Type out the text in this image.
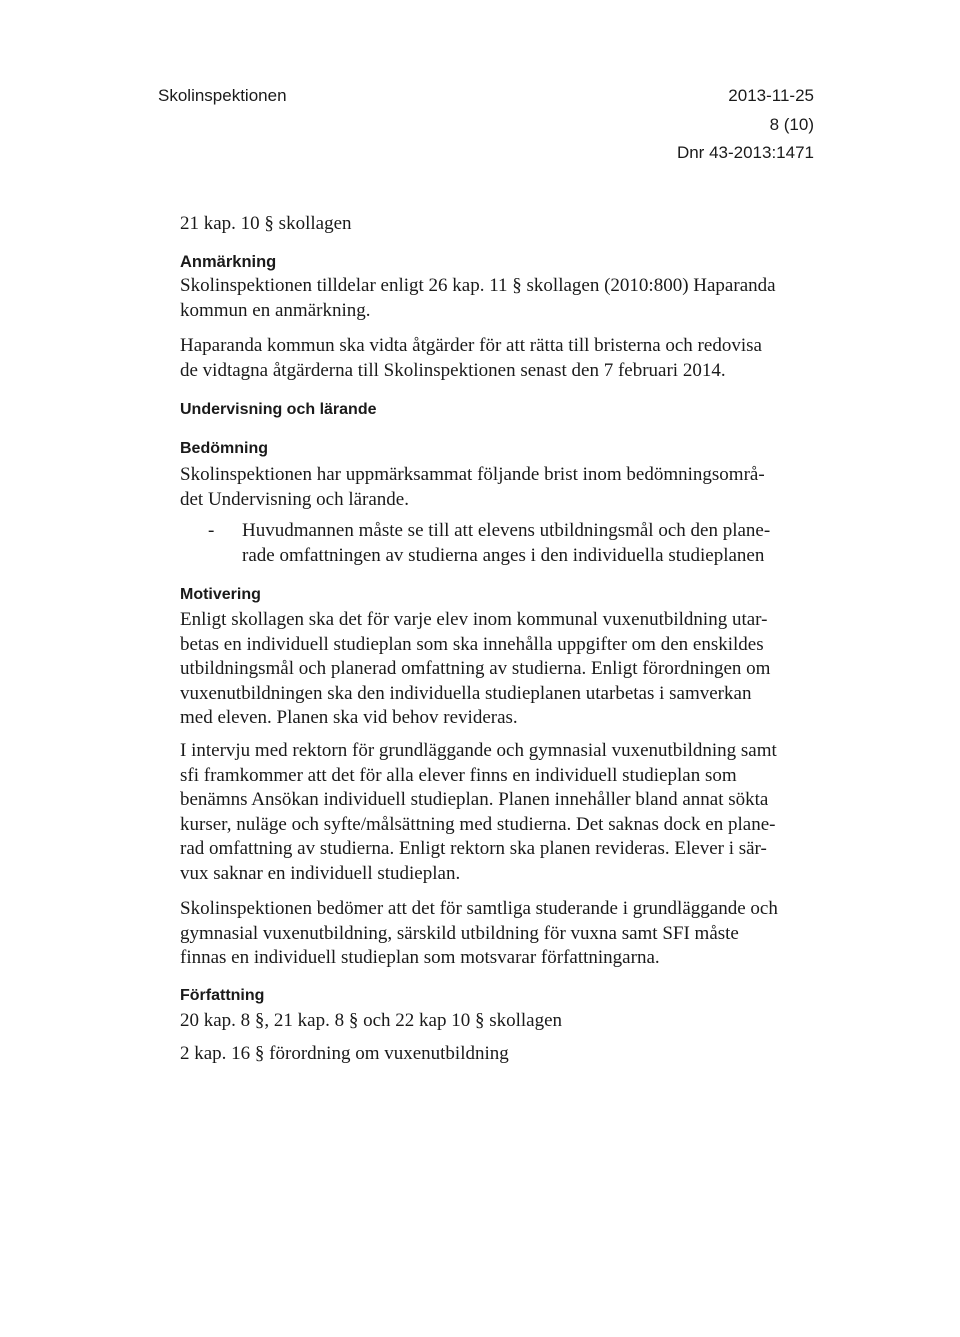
Skolinspektionen	2013-11-25
8 (10)
Dnr 43-2013:1471
21 kap. 10 § skollagen
Anmärkning
Skolinspektionen tilldelar enligt 26 kap. 11 § skollagen (2010:800) Haparanda
kommun en anmärkning.
Haparanda kommun ska vidta åtgärder för att rätta till bristerna och redovisa
de vidtagna åtgärderna till Skolinspektionen senast den 7 februari 2014.
Undervisning och lärande
Bedömning
Skolinspektionen har uppmärksammat följande brist inom bedömningsområ-
det Undervisning och lärande.
- Huvudmannen måste se till att elevens utbildningsmål och den plane-
rade omfattningen av studierna anges i den individuella studieplanen
Motivering
Enligt skollagen ska det för varje elev inom kommunal vuxenutbildning utar-
betas en individuell studieplan som ska innehålla uppgifter om den enskildes
utbildningsmål och planerad omfattning av studierna. Enligt förordningen om
vuxenutbildningen ska den individuella studieplanen utarbetas i samverkan
med eleven. Planen ska vid behov revideras.
I intervju med rektorn för grundläggande och gymnasial vuxenutbildning samt
sfi framkommer att det för alla elever finns en individuell studieplan som
benämns Ansökan individuell studieplan. Planen innehåller bland annat sökta
kurser, nuläge och syfte/målsättning med studierna. Det saknas dock en plane-
rad omfattning av studierna. Enligt rektorn ska planen revideras. Elever i sär-
vux saknar en individuell studieplan.
Skolinspektionen bedömer att det för samtliga studerande i grundläggande och
gymnasial vuxenutbildning, särskild utbildning för vuxna samt SFI måste
finnas en individuell studieplan som motsvarar författningarna.
Författning
20 kap. 8 §, 21 kap. 8 § och 22 kap 10 § skollagen
2 kap. 16 § förordning om vuxenutbildning
